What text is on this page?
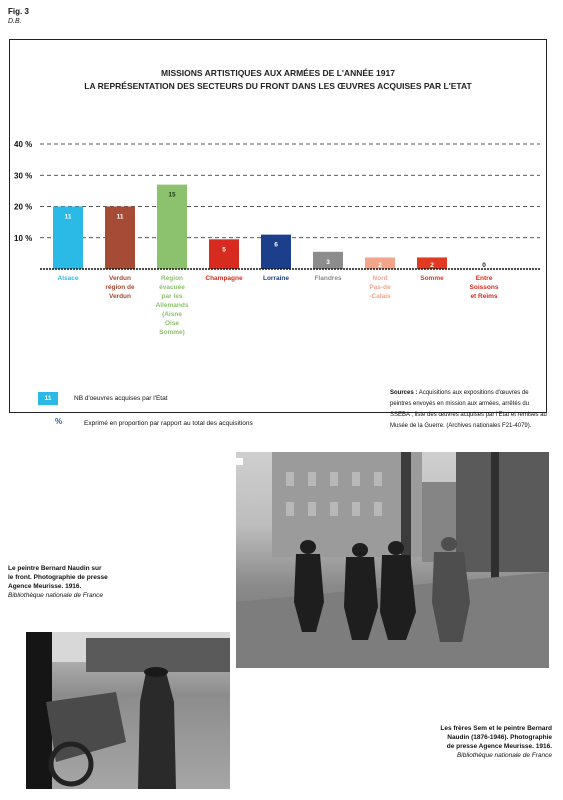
Fig. 3
D.B.
MISSIONS ARTISTIQUES AUX ARMÉES DE L'ANNÉE 1917
LA REPRÉSENTATION DES SECTEURS DU FRONT DANS LES ŒUVRES ACQUISES PAR L'ETAT
10 %
20 %
30 %
40 %
11
Alsace
11
Verdun
région de
Verdun
15
Région
évacuée
par les
Allemands
(Aisne
Oise
Somme)
5
Champagne
6
Lorraine
3
Flandres
2
Nord
Pas-de
-Calais
2
Somme
0
Entre
Soissons
et Reims
11	NB d'oeuvres acquises par l'Etat
%	Exprimé en proportion par rapport au total des acquisitions
Sources : Acquisitions aux expositions d'œuvres de peintres envoyés en mission aux armées, arrêtés du SSEBA ; liste des œuvres acquises par l'Etat et remises au Musée de la Guerre. (Archives nationales F21-4079).
Le peintre Bernard Naudin sur le front. Photographie de presse Agence Meurisse. 1916.
Bibliothèque nationale de France
Les frères Sem et le peintre Bernard Naudin (1876-1946). Photographie de presse Agence Meurisse. 1916.
Bibliothèque nationale de France
